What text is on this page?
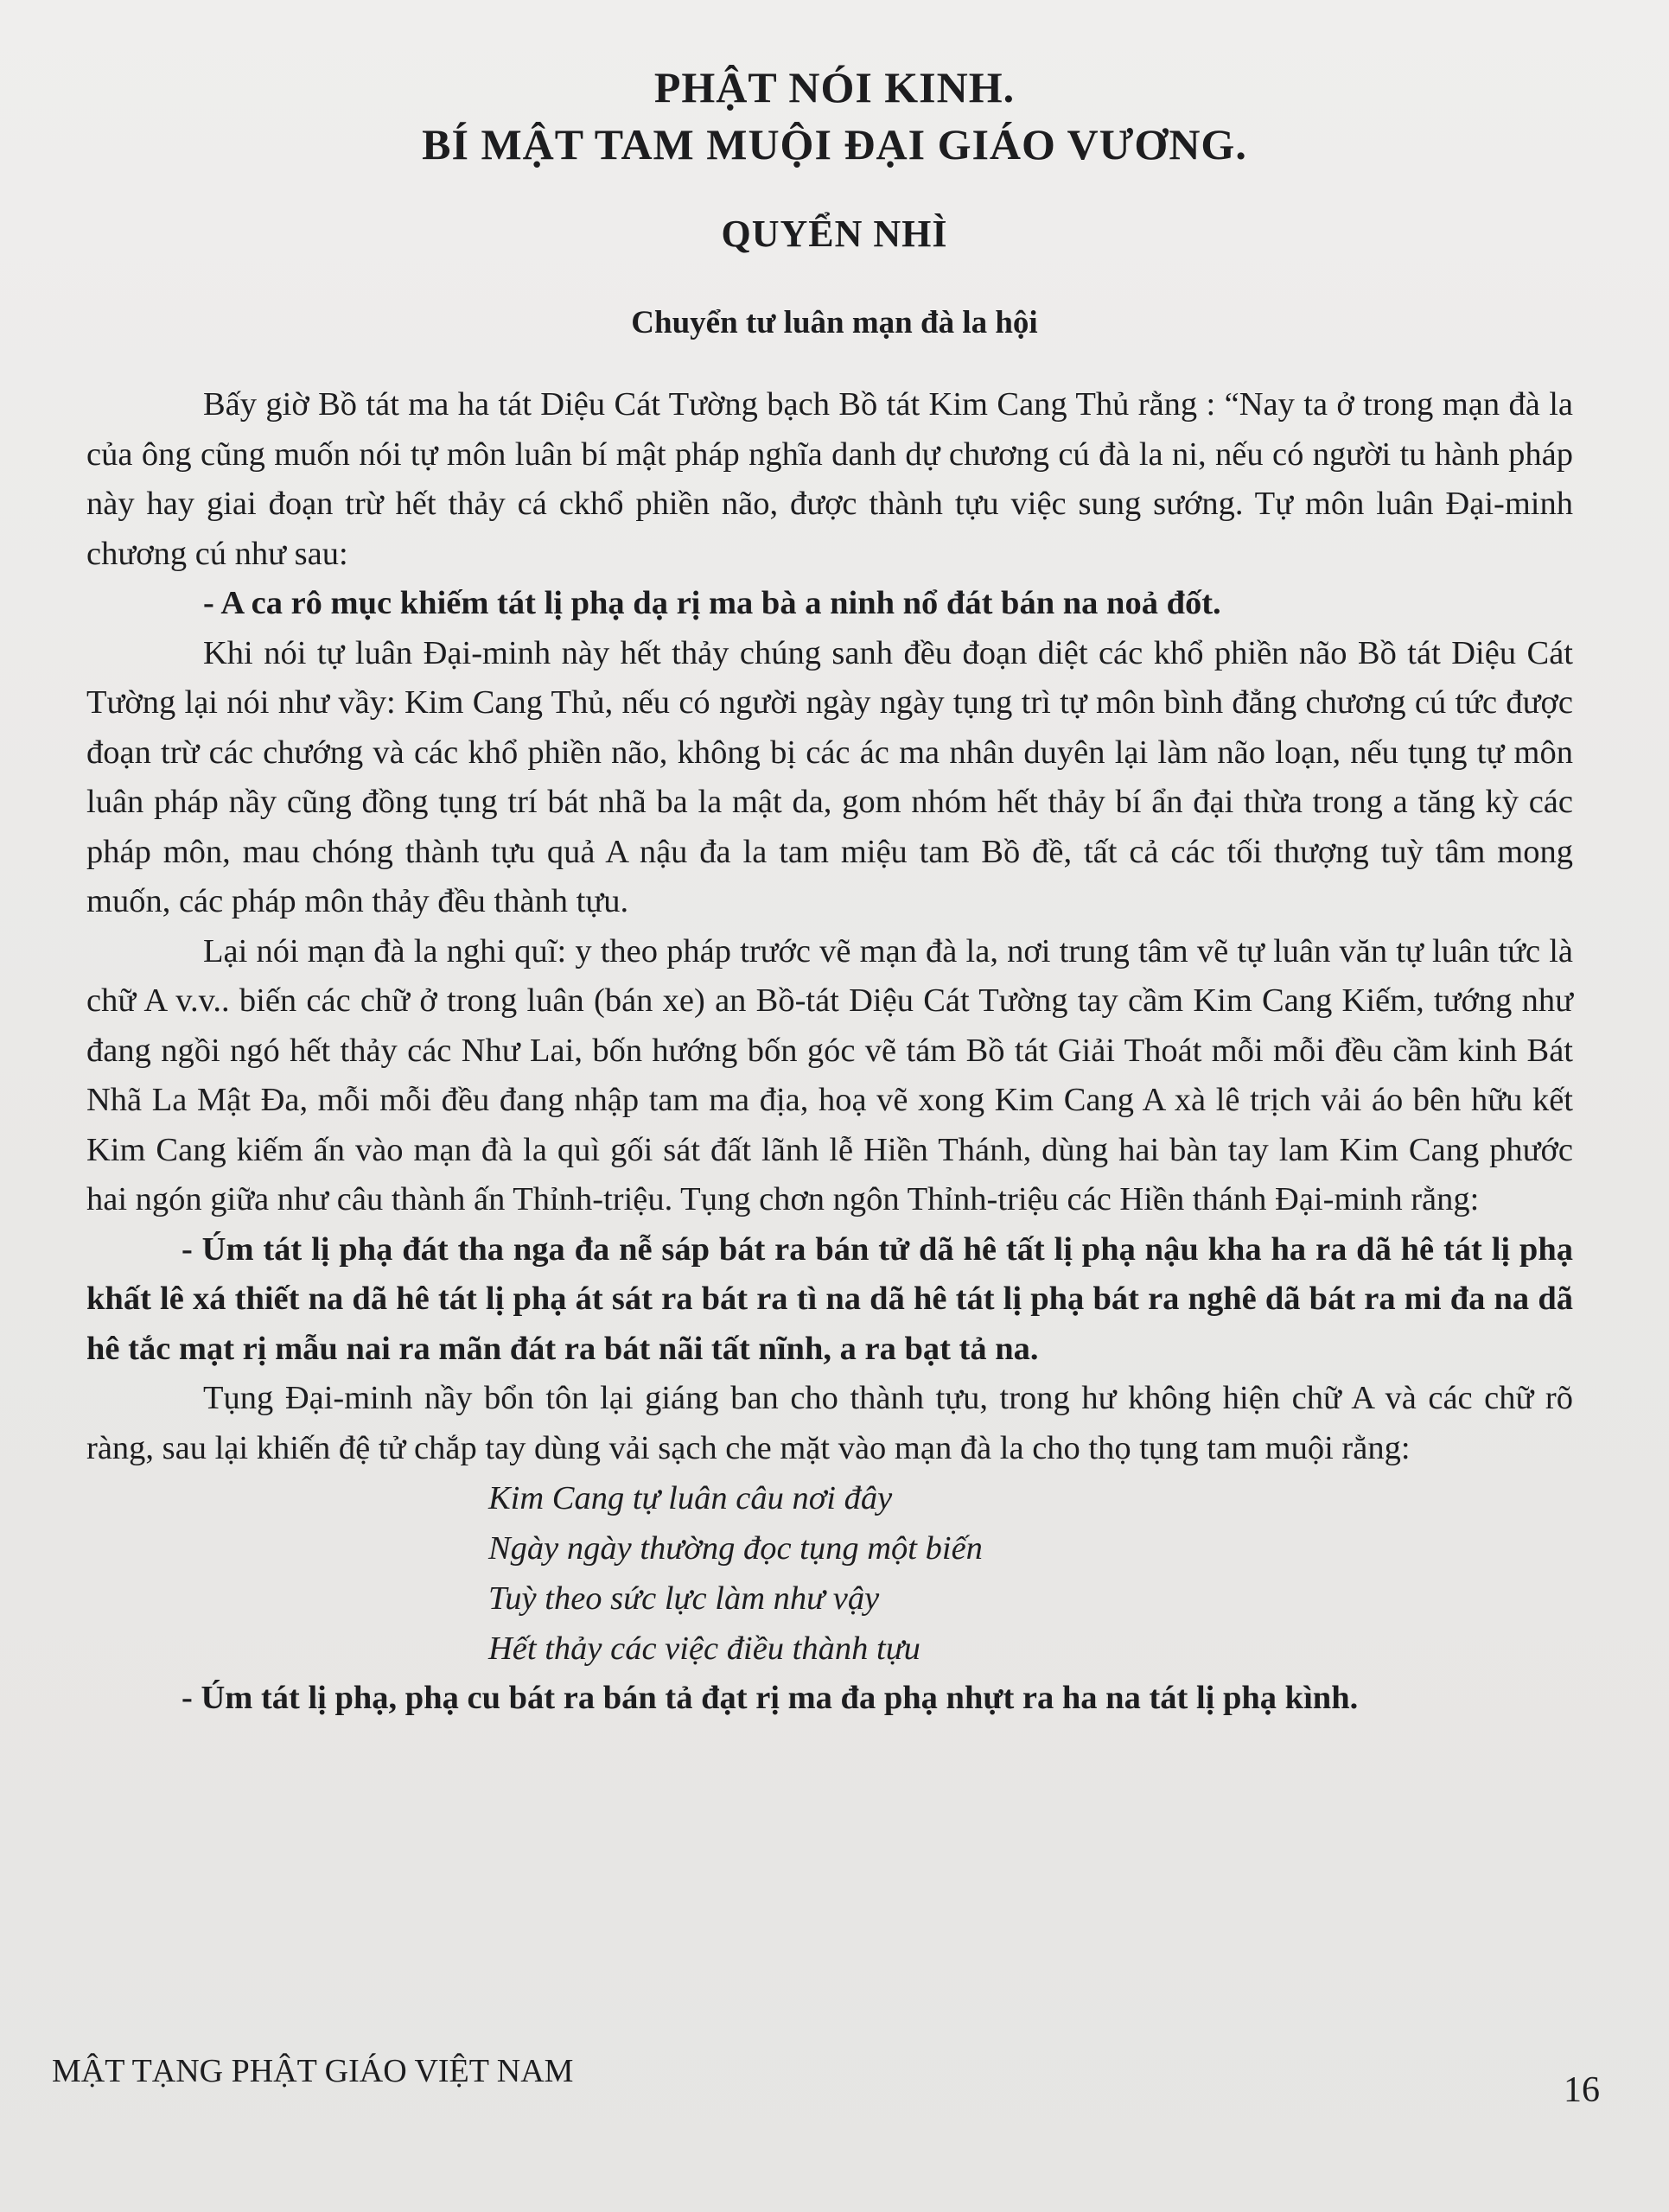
PHẬT NÓI KINH.
BÍ MẬT TAM MUỘI ĐẠI GIÁO VƯƠNG.
QUYỂN NHÌ
Chuyển tư luân mạn đà la hội

Bấy giờ Bồ tát ma ha tát Diệu Cát Tường bạch Bồ tát Kim Cang Thủ rằng : “Nay ta ở trong mạn đà la của ông cũng muốn nói tự môn luân bí mật pháp nghĩa danh dự chương cú đà la ni, nếu có người tu hành pháp này hay giai đoạn trừ hết thảy cá ckhổ phiền não, được thành tựu việc sung sướng. Tự môn luân Đại-minh chương cú như sau:

- A ca rô mục khiếm tát lị phạ dạ rị ma bà a ninh nổ đát bán na noả đốt.

Khi nói tự luân Đại-minh này hết thảy chúng sanh đều đoạn diệt các khổ phiền não Bồ tát Diệu Cát Tường lại nói như vầy: Kim Cang Thủ, nếu có người ngày ngày tụng trì tự môn bình đẳng chương cú tức được đoạn trừ các chướng và các khổ phiền não, không bị các ác ma nhân duyên lại làm não loạn, nếu tụng tự môn luân pháp nầy cũng đồng tụng trí bát nhã ba la mật da, gom nhóm hết thảy bí ẩn đại thừa trong a tăng kỳ các pháp môn, mau chóng thành tựu quả A nậu đa la tam miệu tam Bồ đề, tất cả các tối thượng tuỳ tâm mong muốn, các pháp môn thảy đều thành tựu.

Lại nói mạn đà la nghi quĩ: y theo pháp trước vẽ mạn đà la, nơi trung tâm vẽ tự luân văn tự luân tức là chữ A v.v.. biến các chữ ở trong luân (bán xe) an Bồ-tát Diệu Cát Tường tay cầm Kim Cang Kiếm, tướng như đang ngồi ngó hết thảy các Như Lai, bốn hướng bốn góc vẽ tám Bồ tát Giải Thoát mỗi mỗi đều cầm kinh Bát Nhã La Mật Đa, mỗi mỗi đều đang nhập tam ma địa, hoạ vẽ xong Kim Cang A xà lê trịch vải áo bên hữu kết Kim Cang kiếm ấn vào mạn đà la quì gối sát đất lãnh lễ Hiền Thánh, dùng hai bàn tay lam Kim Cang phước hai ngón giữa như câu thành ấn Thỉnh-triệu. Tụng chơn ngôn Thỉnh-triệu các Hiền thánh Đại-minh rằng:

- Úm tát lị phạ đát tha nga đa nễ sáp bát ra bán tử dã hê tất lị phạ nậu kha ha ra dã hê tát lị phạ khất lê xá thiết na dã hê tát lị phạ át sát ra bát ra tì na dã hê tát lị phạ bát ra nghê dã bát ra mi đa na dã hê tắc mạt rị mẫu nai ra mãn đát ra bát nãi tất nĩnh, a ra bạt tả na.

Tụng Đại-minh nầy bổn tôn lại giáng ban cho thành tựu, trong hư không hiện chữ A và các chữ rõ ràng, sau lại khiến đệ tử chắp tay dùng vải sạch che mặt vào mạn đà la cho thọ tụng tam muội rằng:

Kim Cang tự luân câu nơi đây

Ngày ngày thường đọc tụng một biến

Tuỳ theo sức lực làm như vậy

Hết thảy các việc điều thành tựu

- Úm tát lị phạ, phạ cu bát ra bán tả đạt rị ma đa phạ nhựt ra ha na tát lị phạ kình.

MẬT TẠNG PHẬT GIÁO VIỆT NAM	16
